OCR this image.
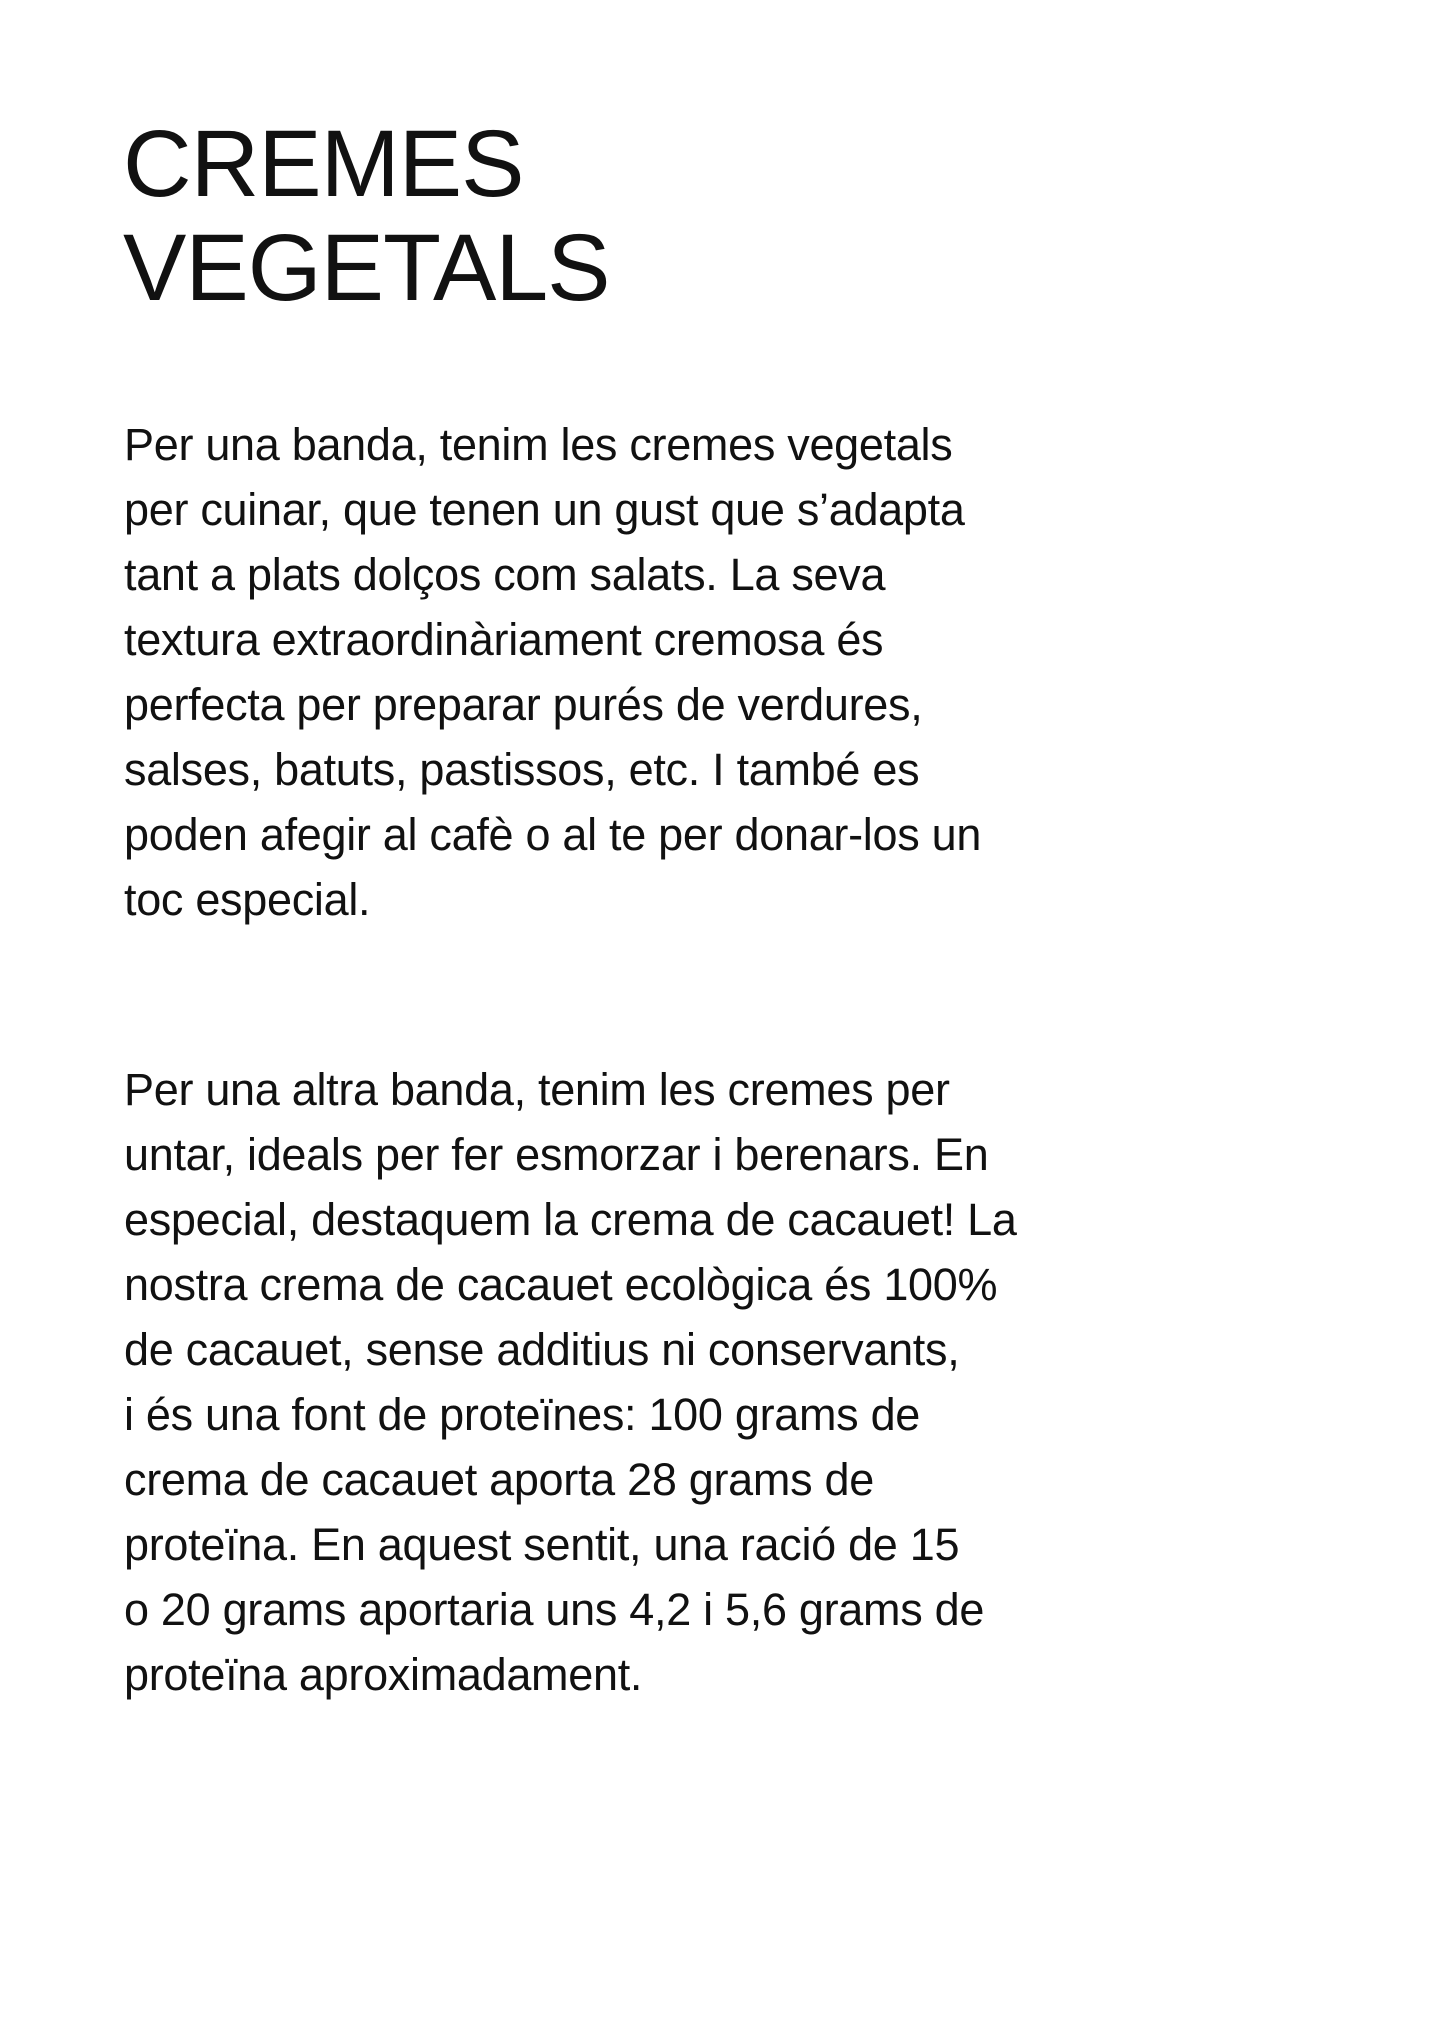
CREMES
VEGETALS

Per una banda, tenim les cremes vegetals
per cuinar, que tenen un gust que s’adapta
tant a plats dolços com salats. La seva
textura extraordinàriament cremosa és
perfecta per preparar purés de verdures,
salses, batuts, pastissos, etc. I també es
poden afegir al cafè o al te per donar-los un
toc especial.

Per una altra banda, tenim les cremes per
untar, ideals per fer esmorzar i berenars. En
especial, destaquem la crema de cacauet! La
nostra crema de cacauet ecològica és 100%
de cacauet, sense additius ni conservants,
i és una font de proteïnes: 100 grams de
crema de cacauet aporta 28 grams de
proteïna. En aquest sentit, una ració de 15
o 20 grams aportaria uns 4,2 i 5,6 grams de
proteïna aproximadament.
